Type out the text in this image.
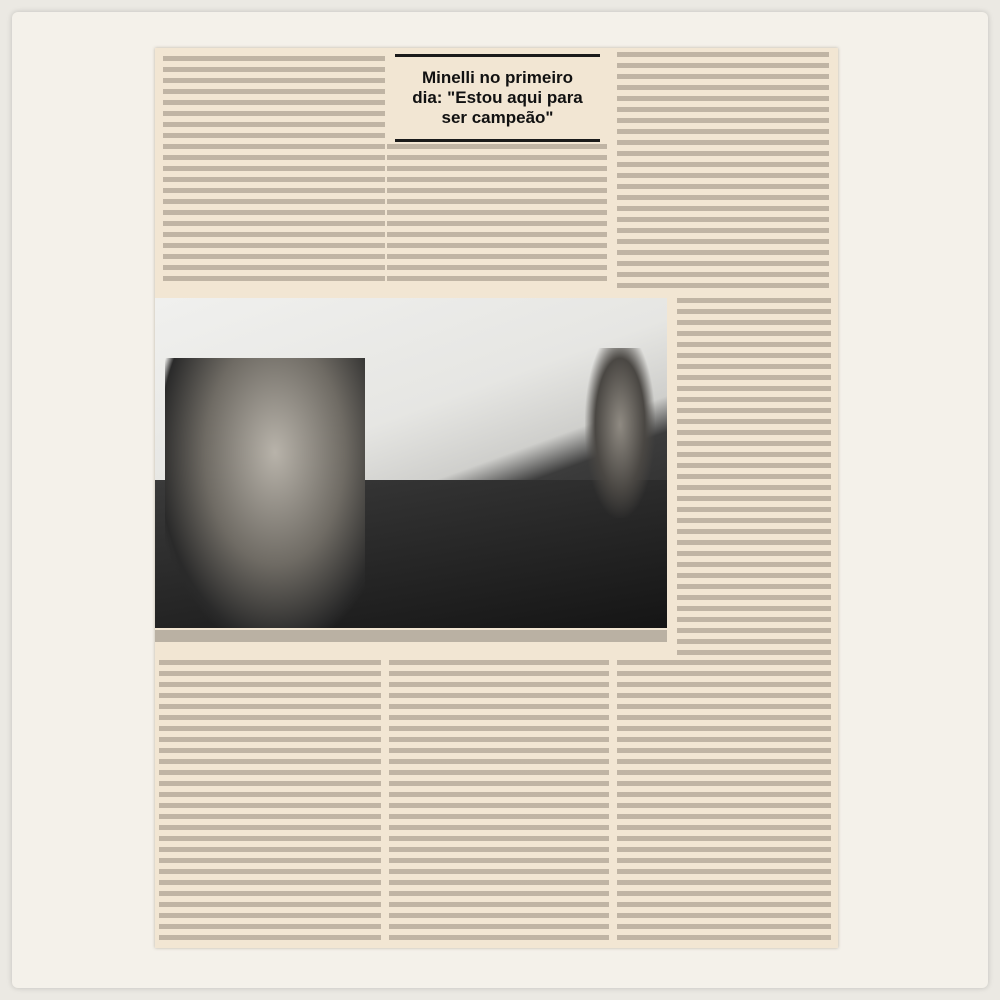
Minelli no primeiro dia: "Estou aqui para ser campeão"
